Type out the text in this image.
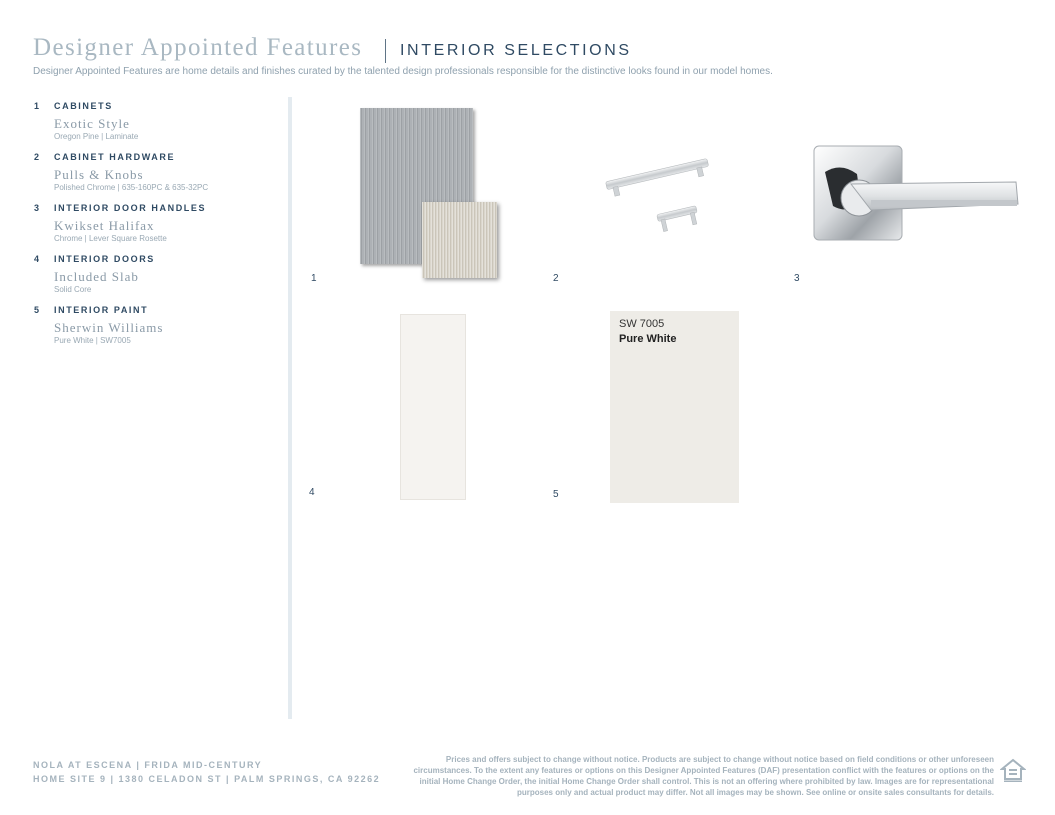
Designer Appointed Features INTERIOR SELECTIONS
Designer Appointed Features are home details and finishes curated by the talented design professionals responsible for the distinctive looks found in our model homes.
1 CABINETS
Exotic Style
Oregon Pine | Laminate
2 CABINET HARDWARE
Pulls & Knobs
Polished Chrome | 635-160PC & 635-32PC
3 INTERIOR DOOR HANDLES
Kwikset Halifax
Chrome | Lever Square Rosette
4 INTERIOR DOORS
Included Slab
Solid Core
5 INTERIOR PAINT
Sherwin Williams
Pure White | SW7005
1	2	3
4
SW 7005
Pure White
5
NOLA AT ESCENA | FRIDA MID-CENTURY
HOME SITE 9 | 1380 CELADON ST | PALM SPRINGS, CA 92262
Prices and offers subject to change without notice. Products are subject to change without notice based on field conditions or other unforeseen circumstances. To the extent any features or options on this Designer Appointed Features (DAF) presentation conflict with the features or options on the initial Home Change Order, the initial Home Change Order shall control. This is not an offering where prohibited by law. Images are for representational purposes only and actual product may differ. Not all images may be shown. See online or onsite sales consultants for details.
